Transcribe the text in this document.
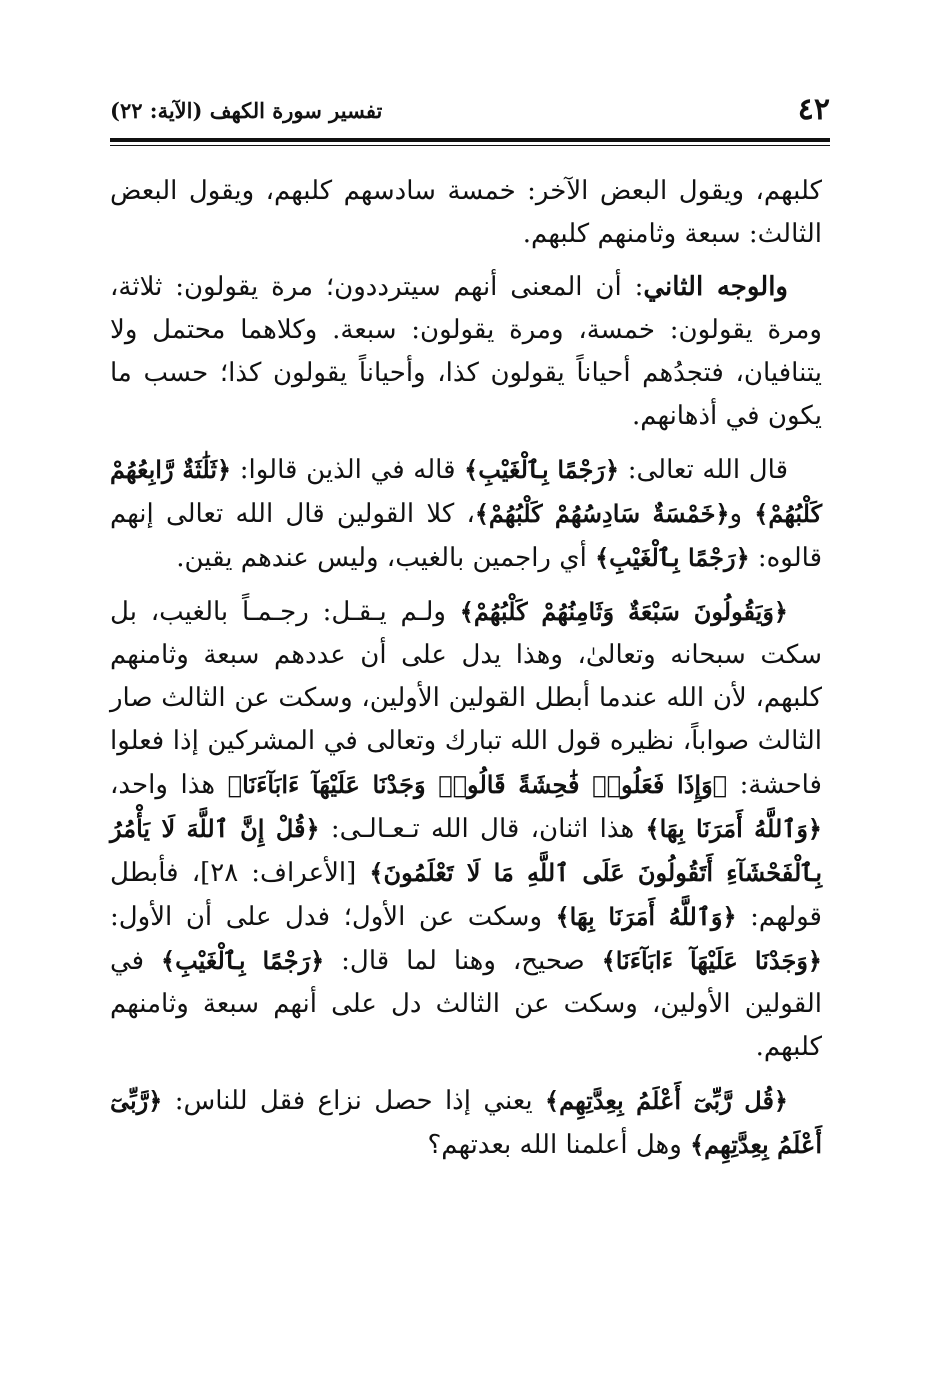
٤٢
تفسير سورة الكهف (الآية: ٢٢)

كلبهم، ويقول البعض الآخر: خمسة سادسهم كلبهم، ويقول البعض الثالث: سبعة وثامنهم كلبهم.

والوجه الثاني: أن المعنى أنهم سيترددون؛ مرة يقولون: ثلاثة، ومرة يقولون: خمسة، ومرة يقولون: سبعة. وكلاهما محتمل ولا يتنافيان، فتجدُهم أحياناً يقولون كذا، وأحياناً يقولون كذا؛ حسب ما يكون في أذهانهم.

قال الله تعالى: ﴿رَجْمًا بِٱلْغَيْبِ﴾ قاله في الذين قالوا: ﴿ثَلَٰثَةٌ رَّابِعُهُمْ كَلْبُهُمْ﴾ و﴿خَمْسَةٌ سَادِسُهُمْ كَلْبُهُمْ﴾، كلا القولين قال الله تعالى إنهم قالوه: ﴿رَجْمًا بِٱلْغَيْبِ﴾ أي راجمين بالغيب، وليس عندهم يقين.

﴿وَيَقُولُونَ سَبْعَةٌ وَثَامِنُهُمْ كَلْبُهُمْ﴾ ولـم يـقـل: رجـمـاً بالغيب، بل سكت سبحانه وتعالىٰ، وهذا يدل على أن عددهم سبعة وثامنهم كلبهم، لأن الله عندما أبطل القولين الأولين، وسكت عن الثالث صار الثالث صواباً، نظيره قول الله تبارك وتعالى في المشركين إذا فعلوا فاحشة: ﴿وَإِذَا فَعَلُوا۟ فَٰحِشَةً قَالُوا۟ وَجَدْنَا عَلَيْهَآ ءَابَآءَنَا﴾ هذا واحد، ﴿وَٱللَّهُ أَمَرَنَا بِهَا﴾ هذا اثنان، قال الله تـعـالـى: ﴿قُلْ إِنَّ ٱللَّهَ لَا يَأْمُرُ بِٱلْفَحْشَآءِ أَتَقُولُونَ عَلَى ٱللَّهِ مَا لَا تَعْلَمُونَ﴾ [الأعراف: ٢٨]، فأبطل قولهم: ﴿وَٱللَّهُ أَمَرَنَا بِهَا﴾ وسكت عن الأول؛ فدل على أن الأول: ﴿وَجَدْنَا عَلَيْهَآ ءَابَآءَنَا﴾ صحيح، وهنا لما قال: ﴿رَجْمًا بِٱلْغَيْبِ﴾ في القولين الأولين، وسكت عن الثالث دل على أنهم سبعة وثامنهم كلبهم.

﴿قُل رَّبِّىٓ أَعْلَمُ بِعِدَّتِهِم﴾ يعني إذا حصل نزاع فقل للناس: ﴿رَّبِّىٓ أَعْلَمُ بِعِدَّتِهِم﴾ وهل أعلمنا الله بعدتهم؟
